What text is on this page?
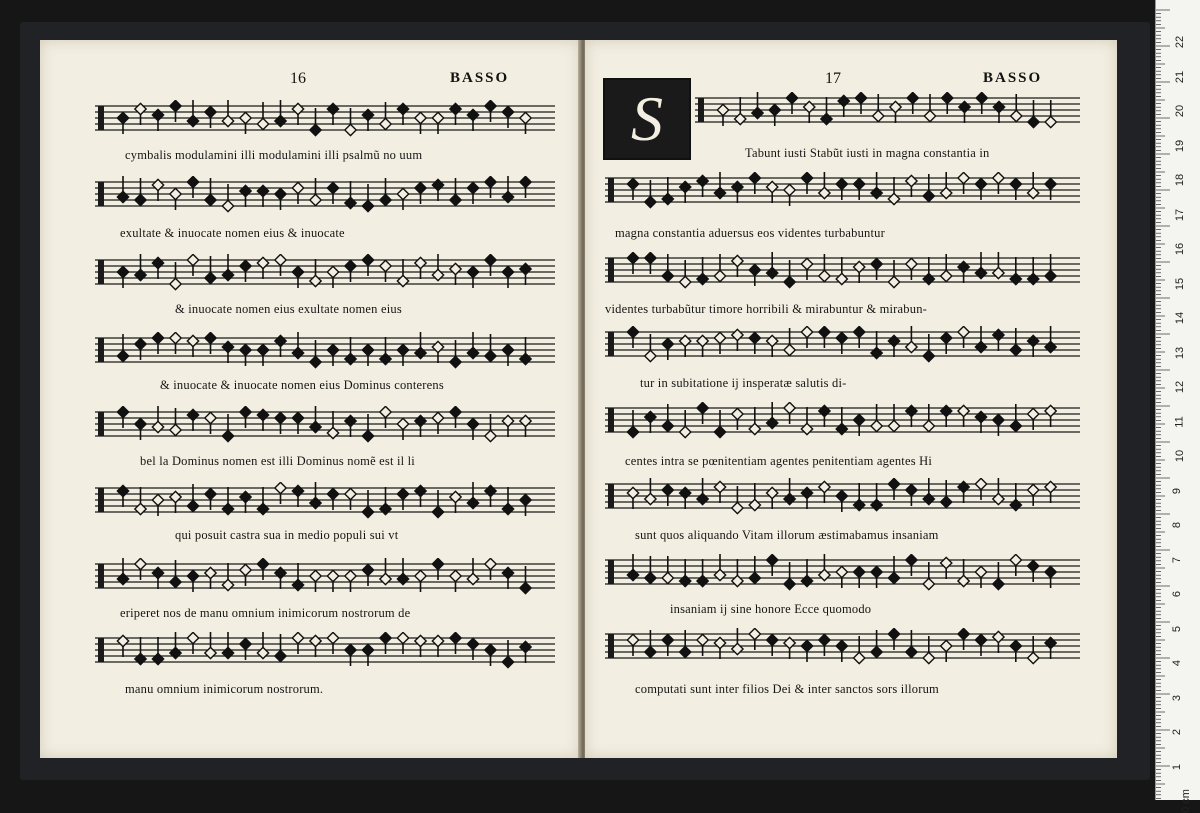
16	BASSO
cymbalis modulamini illi modulamini illi psalmũ no uum
exultate & inuocate nomen eius & inuocate
& inuocate nomen eius exultate nomen eius
& inuocate & inuocate nomen eius Dominus conterens
bel la Dominus nomen est illi Dominus nomẽ est il li
qui posuit castra sua in medio populi sui vt
eriperet nos de manu omnium inimicorum nostrorum de
manu omnium inimicorum nostrorum.
17	BASSO
Tabunt iusti Stabũt iusti in magna constantia in
magna constantia aduersus eos videntes turbabuntur
videntes turbabũtur timore horribili & mirabuntur & mirabun-
tur in subitatione ij insperatæ salutis di-
centes intra se pœnitentiam agentes penitentiam agentes Hi
sunt quos aliquando Vitam illorum æstimabamus insaniam
insaniam ij sine honore Ecce quomodo
computati sunt inter filios Dei & inter sanctos sors illorum
S
22
21
20
19
18
17
16
15
14
13
12
11
10
9
8
7
6
5
4
3
2
1
0 cm
